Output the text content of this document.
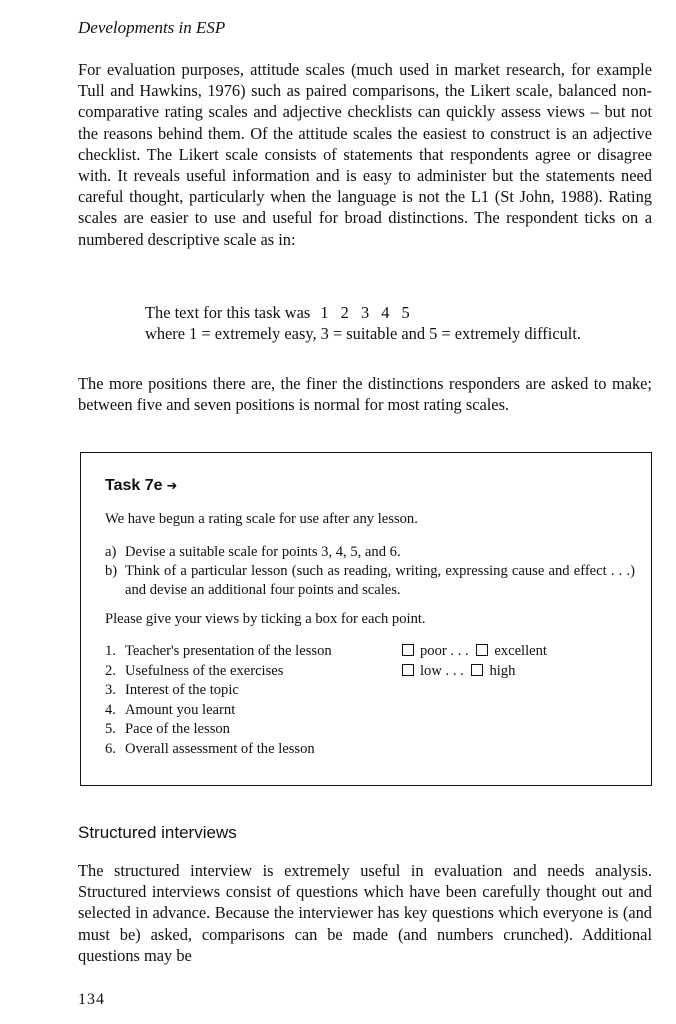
Developments in ESP

For evaluation purposes, attitude scales (much used in market research, for example Tull and Hawkins, 1976) such as paired comparisons, the Likert scale, balanced non-comparative rating scales and adjective checklists can quickly assess views – but not the reasons behind them. Of the attitude scales the easiest to construct is an adjective checklist. The Likert scale consists of statements that respondents agree or disagree with. It reveals useful information and is easy to administer but the statements need careful thought, particularly when the language is not the L1 (St John, 1988). Rating scales are easier to use and useful for broad distinctions. The respondent ticks on a numbered descriptive scale as in:

The text for this task was 1 2 3 4 5
where 1 = extremely easy, 3 = suitable and 5 = extremely difficult.

The more positions there are, the finer the distinctions responders are asked to make; between five and seven positions is normal for most rating scales.

Task 7e ➜
We have begun a rating scale for use after any lesson.
a) Devise a suitable scale for points 3, 4, 5, and 6.
b) Think of a particular lesson (such as reading, writing, expressing cause and effect . . .) and devise an additional four points and scales.
Please give your views by ticking a box for each point.
1. Teacher's presentation of the lesson	poor . . . excellent
2. Usefulness of the exercises	low . . . high
3. Interest of the topic
4. Amount you learnt
5. Pace of the lesson
6. Overall assessment of the lesson
Structured interviews

The structured interview is extremely useful in evaluation and needs analysis. Structured interviews consist of questions which have been carefully thought out and selected in advance. Because the interviewer has key questions which everyone is (and must be) asked, comparisons can be made (and numbers crunched). Additional questions may be

134
